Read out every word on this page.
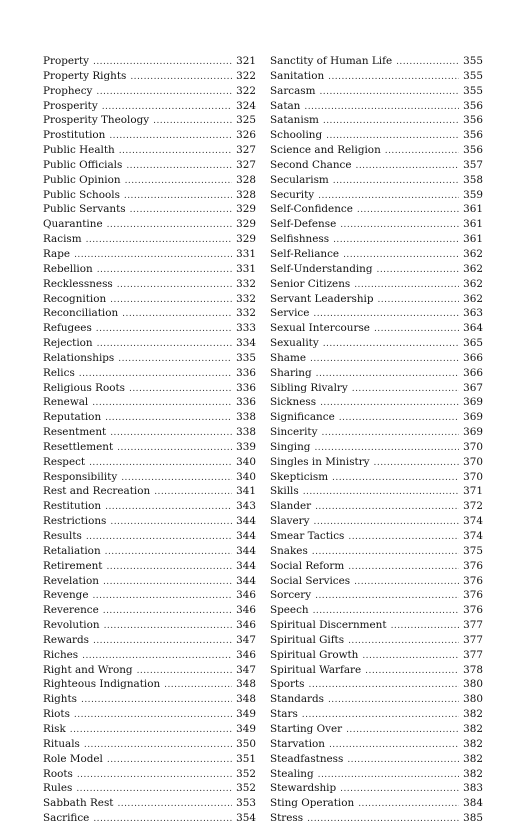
Property . . .	321
Property Rights . . .	322
Prophecy . . .	322
Prosperity . . .	324
Prosperity Theology . . .	325
Prostitution . . .	326
Public Health . . .	327
Public Officials . . .	327
Public Opinion . . .	328
Public Schools . . .	328
Public Servants . . .	329
Quarantine . . .	329
Racism . . .	329
Rape . . .	331
Rebellion . . .	331
Recklessness . . .	332
Recognition . . .	332
Reconciliation . . .	332
Refugees . . .	333
Rejection . . .	334
Relationships . . .	335
Relics . . .	336
Religious Roots . . .	336
Renewal . . .	336
Reputation . . .	338
Resentment . . .	338
Resettlement . . .	339
Respect . . .	340
Responsibility . . .	340
Rest and Recreation . . .	341
Restitution . . .	343
Restrictions . . .	344
Results . . .	344
Retaliation . . .	344
Retirement . . .	344
Revelation . . .	344
Revenge . . .	346
Reverence . . .	346
Revolution . . .	346
Rewards . . .	347
Riches . . .	346
Right and Wrong . . .	347
Righteous Indignation . . .	348
Rights . . .	348
Riots . . .	349
Risk . . .	349
Rituals . . .	350
Role Model . . .	351
Roots . . .	352
Rules . . .	352
Sabbath Rest . . .	353
Sacrifice . . .	354
Sanctity of Human Life . . .	355
Sanitation . . .	355
Sarcasm . . .	355
Satan . . .	356
Satanism . . .	356
Schooling . . .	356
Science and Religion . . .	356
Second Chance . . .	357
Secularism . . .	358
Security . . .	359
Self-Confidence . . .	361
Self-Defense . . .	361
Selfishness . . .	361
Self-Reliance . . .	362
Self-Understanding . . .	362
Senior Citizens . . .	362
Servant Leadership . . .	362
Service . . .	363
Sexual Intercourse . . .	364
Sexuality . . .	365
Shame . . .	366
Sharing . . .	366
Sibling Rivalry . . .	367
Sickness . . .	369
Significance . . .	369
Sincerity . . .	369
Singing . . .	370
Singles in Ministry . . .	370
Skepticism . . .	370
Skills . . .	371
Slander . . .	372
Slavery . . .	374
Smear Tactics . . .	374
Snakes . . .	375
Social Reform . . .	376
Social Services . . .	376
Sorcery . . .	376
Speech . . .	376
Spiritual Discernment . . .	377
Spiritual Gifts . . .	377
Spiritual Growth . . .	377
Spiritual Warfare . . .	378
Sports . . .	380
Standards . . .	380
Stars . . .	382
Starting Over . . .	382
Starvation . . .	382
Steadfastness . . .	382
Stealing . . .	382
Stewardship . . .	383
Sting Operation . . .	384
Stress . . .	385
